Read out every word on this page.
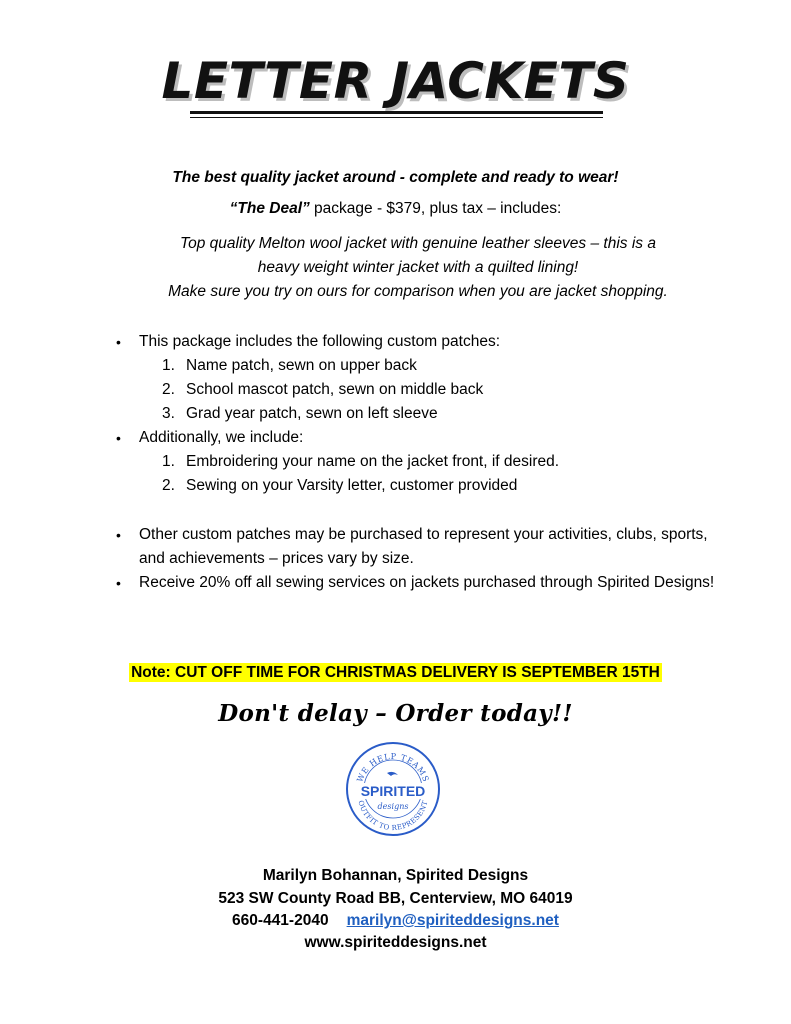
LETTER JACKETS
The best quality jacket around - complete and ready to wear!
“The Deal” package - $379, plus tax – includes:
Top quality Melton wool jacket with genuine leather sleeves – this is a
heavy weight winter jacket with a quilted lining!
Make sure you try on ours for comparison when you are jacket shopping.
• This package includes the following custom patches:
1. Name patch, sewn on upper back
2. School mascot patch, sewn on middle back
3. Grad year patch, sewn on left sleeve
• Additionally, we include:
1. Embroidering your name on the jacket front, if desired.
2. Sewing on your Varsity letter, customer provided
• Other custom patches may be purchased to represent your activities, clubs, sports, and achievements – prices vary by size.
• Receive 20% off all sewing services on jackets purchased through Spirited Designs!
Note: CUT OFF TIME FOR CHRISTMAS DELIVERY IS SEPTEMBER 15TH
Don't delay – Order today!!
WE HELP TEAMS
OUTFIT TO REPRESENT
SPIRITED
designs
Marilyn Bohannan, Spirited Designs
523 SW County Road BB, Centerview, MO 64019
660-441-2040 marilyn@spiriteddesigns.net
www.spiriteddesigns.net
